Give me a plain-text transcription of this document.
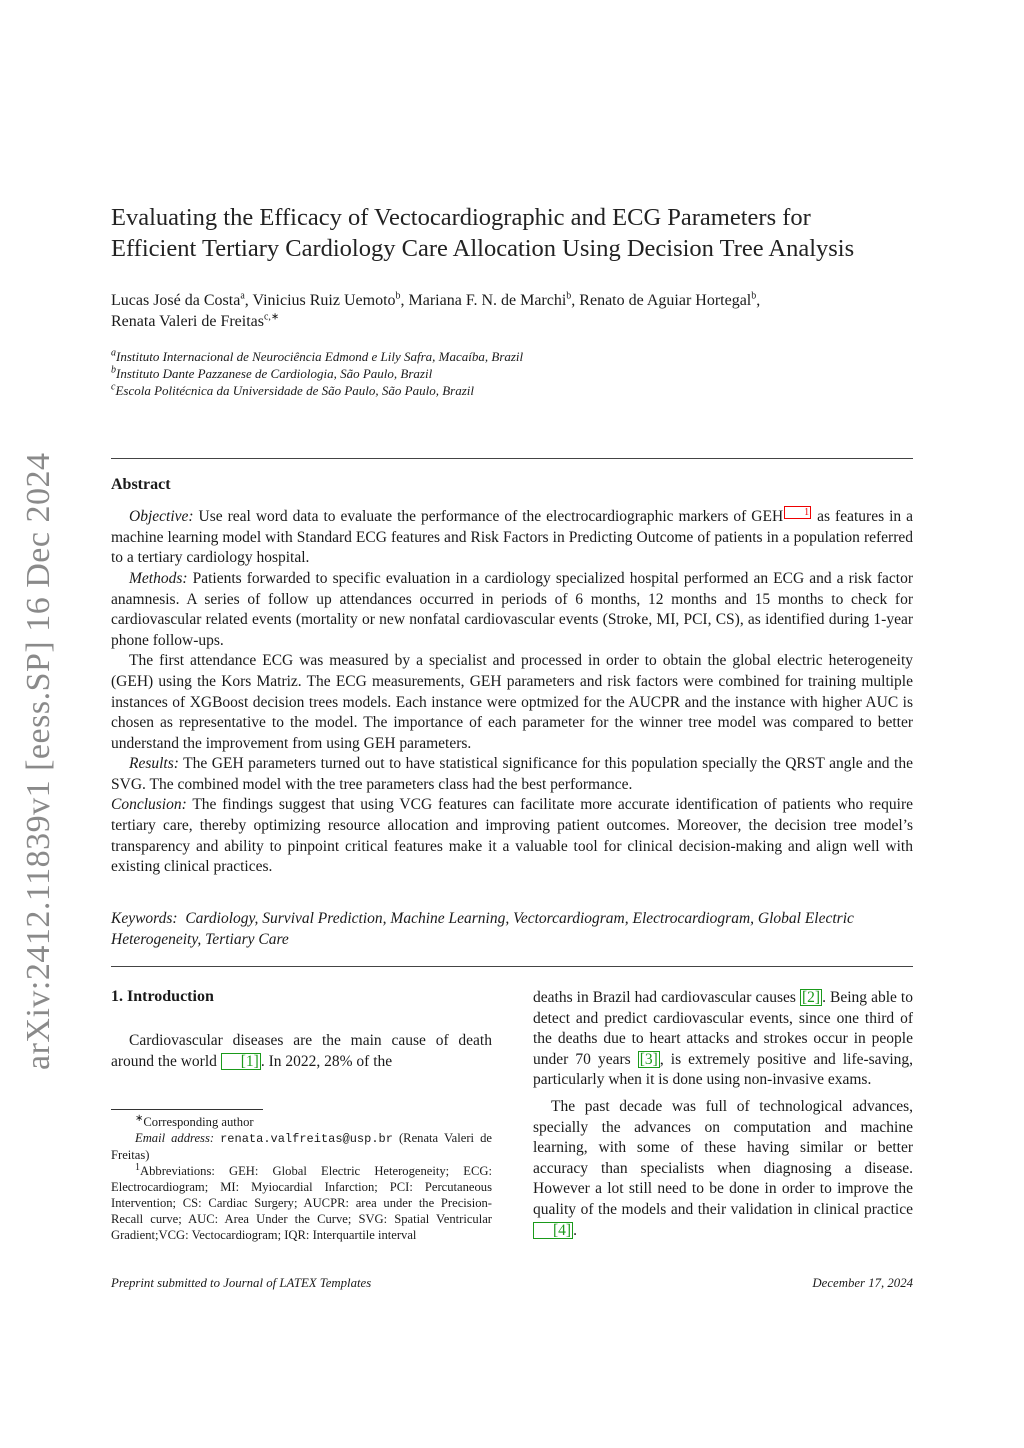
arXiv:2412.11839v1 [eess.SP] 16 Dec 2024
Evaluating the Efficacy of Vectocardiographic and ECG Parameters for
Efficient Tertiary Cardiology Care Allocation Using Decision Tree Analysis
Lucas José da Costa$^a$, Vinicius Ruiz Uemoto$^b$, Mariana F. N. de Marchi$^b$, Renato de Aguiar Hortegal$^b$,
Renata Valeri de Freitas$^{c,∗}$
$^a$Instituto Internacional de Neurociência Edmond e Lily Safra, Macaíba, Brazil
$^b$Instituto Dante Pazzanese de Cardiologia, São Paulo, Brazil
$^c$Escola Politécnica da Universidade de São Paulo, São Paulo, Brazil
Abstract

Objective: Use real word data to evaluate the performance of the electrocardiographic markers of GEH 1 as features in a machine learning model with Standard ECG features and Risk Factors in Predicting Outcome of patients in a population referred to a tertiary cardiology hospital.

Methods: Patients forwarded to specific evaluation in a cardiology specialized hospital performed an ECG and a risk factor anamnesis. A series of follow up attendances occurred in periods of 6 months, 12 months and 15 months to check for cardiovascular related events (mortality or new nonfatal cardiovascular events (Stroke, MI, PCI, CS), as identified during 1-year phone follow-ups.

The first attendance ECG was measured by a specialist and processed in order to obtain the global electric heterogeneity (GEH) using the Kors Matriz. The ECG measurements, GEH parameters and risk factors were combined for training multiple instances of XGBoost decision trees models. Each instance were optmized for the AUCPR and the instance with higher AUC is chosen as representative to the model. The importance of each parameter for the winner tree model was compared to better understand the improvement from using GEH parameters.

Results: The GEH parameters turned out to have statistical significance for this population specially the QRST angle and the SVG. The combined model with the tree parameters class had the best performance.

Conclusion: The findings suggest that using VCG features can facilitate more accurate identification of patients who require tertiary care, thereby optimizing resource allocation and improving patient outcomes. Moreover, the decision tree model’s transparency and ability to pinpoint critical features make it a valuable tool for clinical decision-making and align well with existing clinical practices.

Keywords: Cardiology, Survival Prediction, Machine Learning, Vectorcardiogram, Electrocardiogram, Global Electric Heterogeneity, Tertiary Care
1. Introduction

Cardiovascular diseases are the main cause of death around the world [1] . In 2022, 28% of the

deaths in Brazil had cardiovascular causes [2] . Being able to detect and predict cardiovascular events, since one third of the deaths due to heart attacks and strokes occur in people under 70 years [3] , is extremely positive and life-saving, particularly when it is done using non-invasive exams.

The past decade was full of technological advances, specially the advances on computation and machine learning, with some of these having similar or better accuracy than specialists when diagnosing a disease. However a lot still need to be done in order to improve the quality of the models and their validation in clinical practice [4] .

∗Corresponding author

Email address: renata.valfreitas@usp.br (Renata Valeri de Freitas)

$^1$Abbreviations: GEH: Global Electric Heterogeneity; ECG: Electrocardiogram; MI: Myiocardial Infarction; PCI: Percutaneous Intervention; CS: Cardiac Surgery; AUCPR: area under the Precision-Recall curve; AUC: Area Under the Curve; SVG: Spatial Ventricular Gradient;VCG: Vectocardiogram; IQR: Interquartile interval

Preprint submitted to Journal of LATEX Templates	December 17, 2024
